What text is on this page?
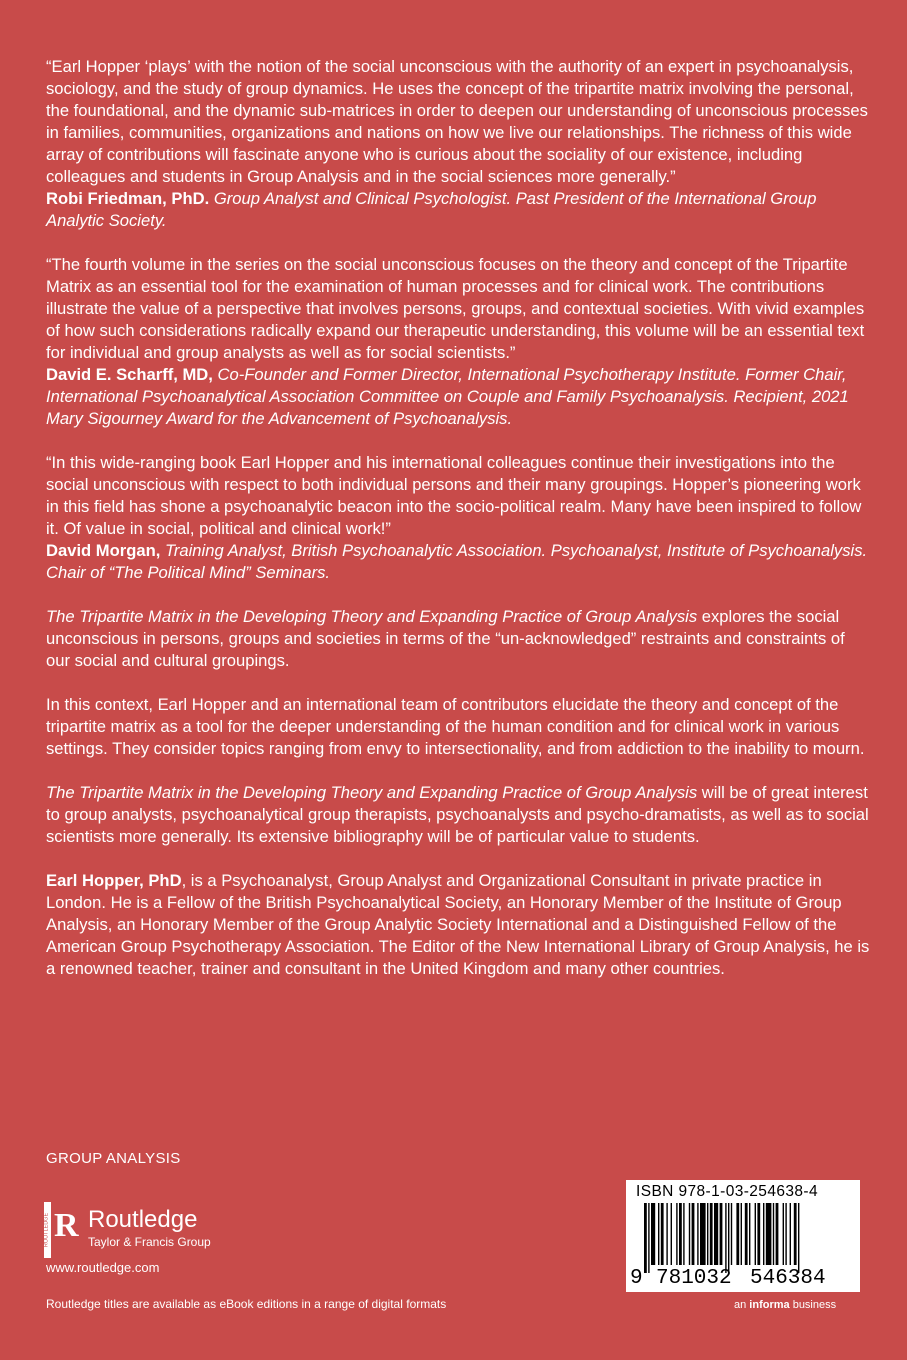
“Earl Hopper ‘plays’ with the notion of the social unconscious with the authority of an expert in psychoanalysis, sociology, and the study of group dynamics. He uses the concept of the tripartite matrix involving the personal, the foundational, and the dynamic sub-matrices in order to deepen our understanding of unconscious processes in families, communities, organizations and nations on how we live our relationships. The richness of this wide array of contributions will fascinate anyone who is curious about the sociality of our existence, including colleagues and students in Group Analysis and in the social sciences more generally.”

Robi Friedman, PhD. Group Analyst and Clinical Psychologist. Past President of the International Group Analytic Society.

“The fourth volume in the series on the social unconscious focuses on the theory and concept of the Tripartite Matrix as an essential tool for the examination of human processes and for clinical work. The contributions illustrate the value of a perspective that involves persons, groups, and contextual societies. With vivid examples of how such considerations radically expand our therapeutic understanding, this volume will be an essential text for individual and group analysts as well as for social scientists.”

David E. Scharff, MD, Co-Founder and Former Director, International Psychotherapy Institute. Former Chair, International Psychoanalytical Association Committee on Couple and Family Psychoanalysis. Recipient, 2021 Mary Sigourney Award for the Advancement of Psychoanalysis.

“In this wide-ranging book Earl Hopper and his international colleagues continue their investigations into the social unconscious with respect to both individual persons and their many groupings. Hopper’s pioneering work in this field has shone a psychoanalytic beacon into the socio-political realm. Many have been inspired to follow it. Of value in social, political and clinical work!”

David Morgan, Training Analyst, British Psychoanalytic Association. Psychoanalyst, Institute of Psychoanalysis. Chair of “The Political Mind” Seminars.

The Tripartite Matrix in the Developing Theory and Expanding Practice of Group Analysis explores the social unconscious in persons, groups and societies in terms of the “un-acknowledged” restraints and constraints of our social and cultural groupings.

In this context, Earl Hopper and an international team of contributors elucidate the theory and concept of the tripartite matrix as a tool for the deeper understanding of the human condition and for clinical work in various settings. They consider topics ranging from envy to intersectionality, and from addiction to the inability to mourn.

The Tripartite Matrix in the Developing Theory and Expanding Practice of Group Analysis will be of great interest to group analysts, psychoanalytical group therapists, psychoanalysts and psycho-dramatists, as well as to social scientists more generally. Its extensive bibliography will be of particular value to students.

Earl Hopper, PhD, is a Psychoanalyst, Group Analyst and Organizational Consultant in private practice in London. He is a Fellow of the British Psychoanalytical Society, an Honorary Member of the Institute of Group Analysis, an Honorary Member of the Group Analytic Society International and a Distinguished Fellow of the American Group Psychotherapy Association. The Editor of the New International Library of Group Analysis, he is a renowned teacher, trainer and consultant in the United Kingdom and many other countries.

GROUP ANALYSIS
ROUTLEDGE R Routledge
Taylor & Francis Group
www.routledge.com
Routledge titles are available as eBook editions in a range of digital formats
ISBN 978-1-03-254638-4
9 781032 546384
an informa business
